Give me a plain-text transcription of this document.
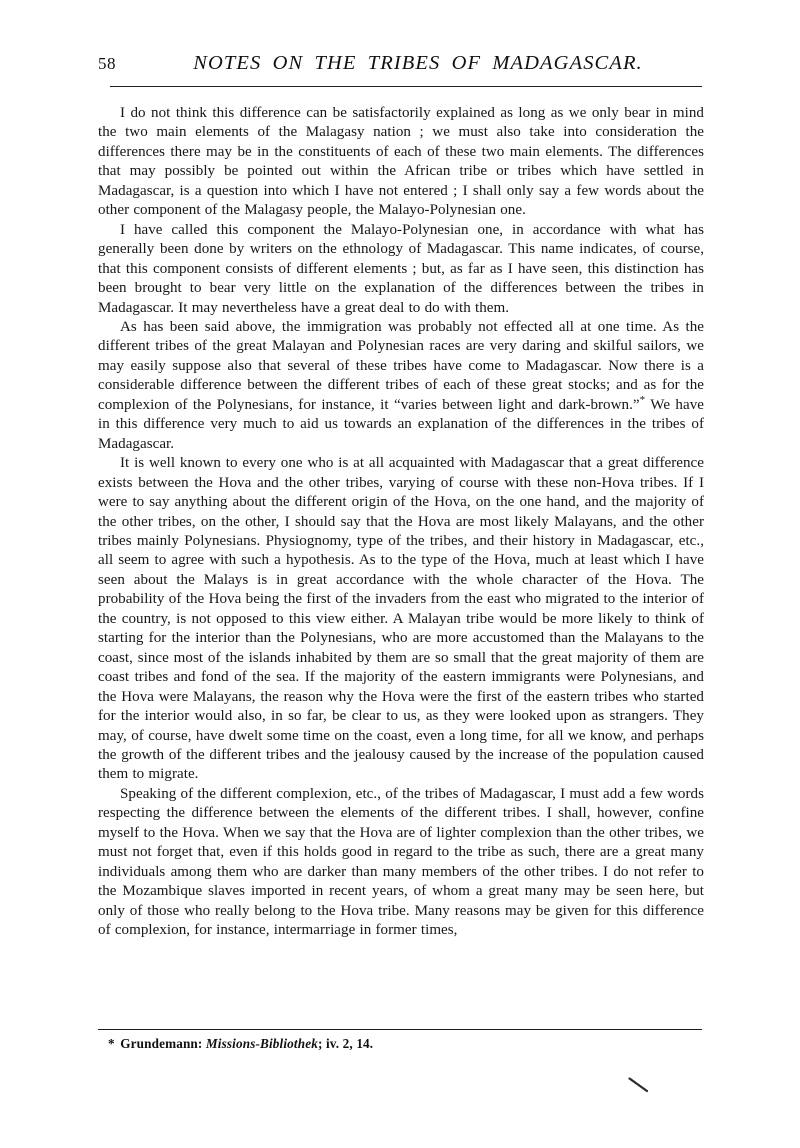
58	NOTES ON THE TRIBES OF MADAGASCAR.

I do not think this difference can be satisfactorily explained as long as we only bear in mind the two main elements of the Malagasy nation ; we must also take into consideration the differences there may be in the constituents of each of these two main elements. The differences that may possibly be pointed out within the African tribe or tribes which have settled in Madagascar, is a question into which I have not entered ; I shall only say a few words about the other component of the Malagasy people, the Malayo-Polynesian one.

I have called this component the Malayo-Polynesian one, in accordance with what has generally been done by writers on the ethnology of Madagascar. This name indicates, of course, that this component consists of different elements ; but, as far as I have seen, this distinction has been brought to bear very little on the explanation of the differences between the tribes in Madagascar. It may nevertheless have a great deal to do with them.

As has been said above, the immigration was probably not effected all at one time. As the different tribes of the great Malayan and Polynesian races are very daring and skilful sailors, we may easily suppose also that several of these tribes have come to Madagascar. Now there is a considerable difference between the different tribes of each of these great stocks; and as for the complexion of the Polynesians, for instance, it “varies between light and dark-brown.”* We have in this difference very much to aid us towards an explanation of the differences in the tribes of Madagascar.

It is well known to every one who is at all acquainted with Madagascar that a great difference exists between the Hova and the other tribes, varying of course with these non-Hova tribes. If I were to say anything about the different origin of the Hova, on the one hand, and the majority of the other tribes, on the other, I should say that the Hova are most likely Malayans, and the other tribes mainly Polynesians. Physiognomy, type of the tribes, and their history in Madagascar, etc., all seem to agree with such a hypothesis. As to the type of the Hova, much at least which I have seen about the Malays is in great accordance with the whole character of the Hova. The probability of the Hova being the first of the invaders from the east who migrated to the interior of the country, is not opposed to this view either. A Malayan tribe would be more likely to think of starting for the interior than the Polynesians, who are more accustomed than the Malayans to the coast, since most of the islands inhabited by them are so small that the great majority of them are coast tribes and fond of the sea. If the majority of the eastern immigrants were Polynesians, and the Hova were Malayans, the reason why the Hova were the first of the eastern tribes who started for the interior would also, in so far, be clear to us, as they were looked upon as strangers. They may, of course, have dwelt some time on the coast, even a long time, for all we know, and perhaps the growth of the different tribes and the jealousy caused by the increase of the population caused them to migrate.

Speaking of the different complexion, etc., of the tribes of Madagascar, I must add a few words respecting the difference between the elements of the different tribes. I shall, however, confine myself to the Hova. When we say that the Hova are of lighter complexion than the other tribes, we must not forget that, even if this holds good in regard to the tribe as such, there are a great many individuals among them who are darker than many members of the other tribes. I do not refer to the Mozambique slaves imported in recent years, of whom a great many may be seen here, but only of those who really belong to the Hova tribe. Many reasons may be given for this difference of complexion, for instance, intermarriage in former times,

* Grundemann: Missions-Bibliothek; iv. 2, 14.
